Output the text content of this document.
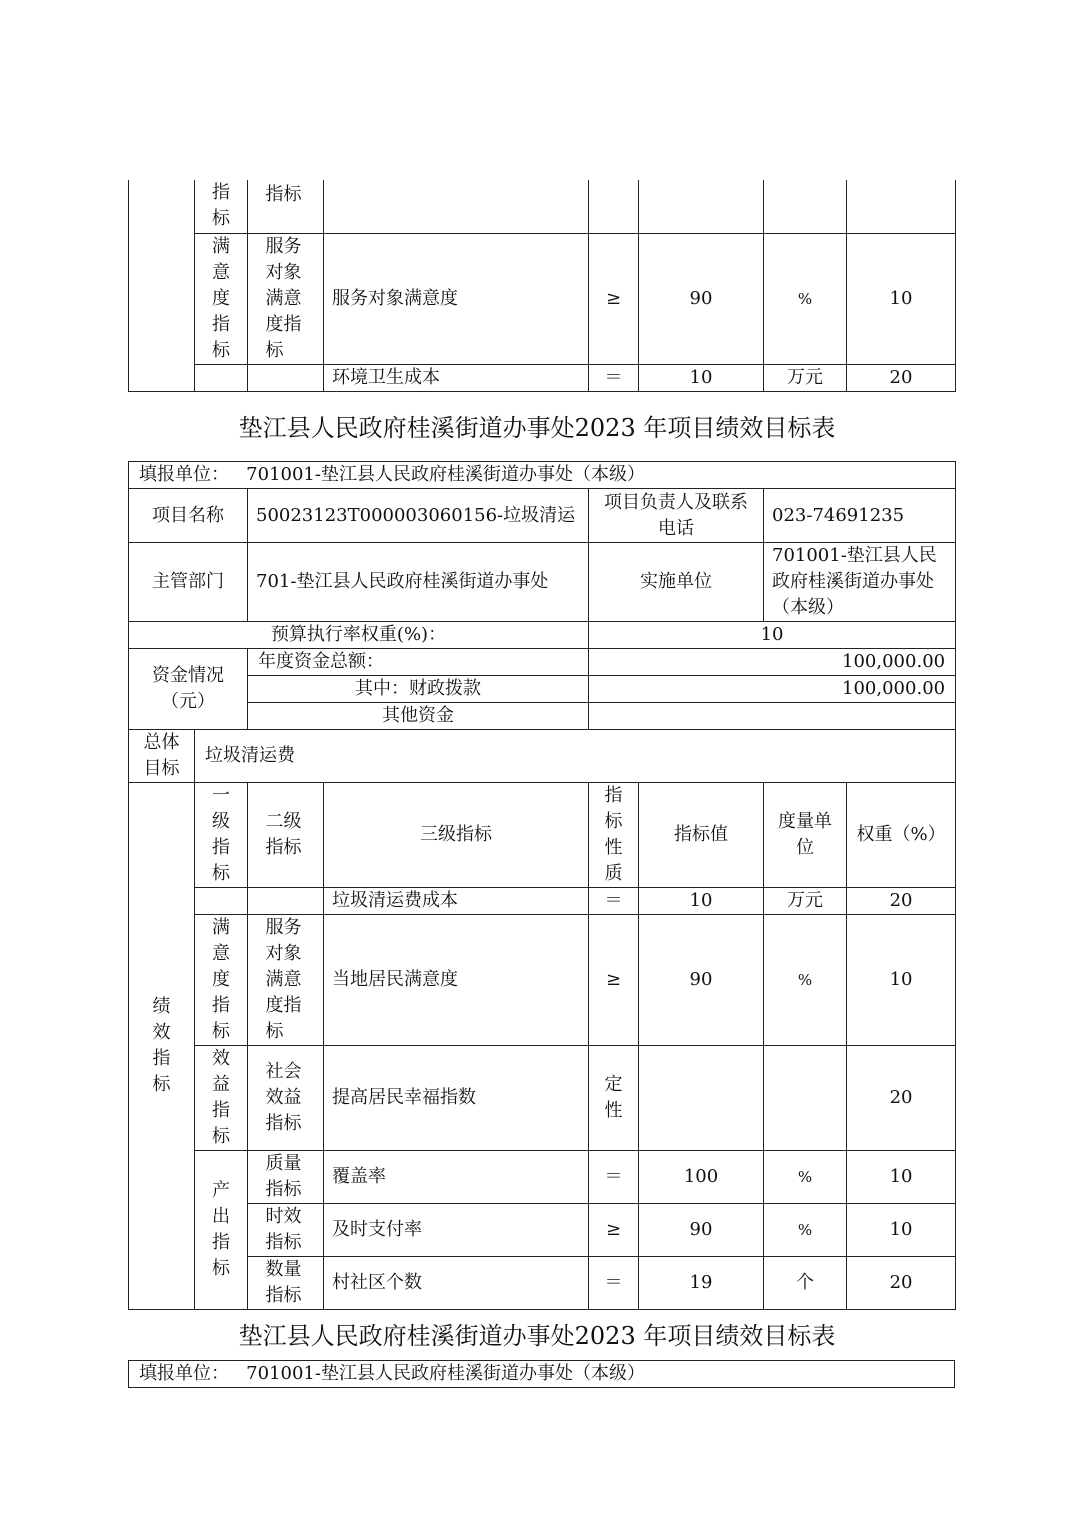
	指标	指标					
	满意度指标	服务对象满意度指标	服务对象满意度	≥	90	%	10
			环境卫生成本	＝	10	万元	20
垫江县人民政府桂溪街道办事处2023 年项目绩效目标表
填报单位： 701001-垫江县人民政府桂溪街道办事处（本级）							
项目名称		50023123T000003060156-垃圾清运		项目负责人及联系电话		023-74691235	
主管部门		701-垫江县人民政府桂溪街道办事处		实施单位		701001-垫江县人民政府桂溪街道办事处（本级）	
预算执行率权重(%)：				10			
资金情况（元）		年度资金总额：		100,000.00			
		其中：财政拨款		100,000.00			
		其他资金					
总体目标	垃圾清运费						
绩效指标	一级指标	二级指标	三级指标	指标性质	指标值	度量单位	权重（%）
			垃圾清运费成本	＝	10	万元	20
	满意度指标	服务对象满意度指标	当地居民满意度	≥	90	%	10
	效益指标	社会效益指标	提高居民幸福指数	定性			20
	产出指标	质量指标	覆盖率	＝	100	%	10
		时效指标	及时支付率	≥	90	%	10
		数量指标	村社区个数	＝	19	个	20
垫江县人民政府桂溪街道办事处2023 年项目绩效目标表
填报单位： 701001-垫江县人民政府桂溪街道办事处（本级）
